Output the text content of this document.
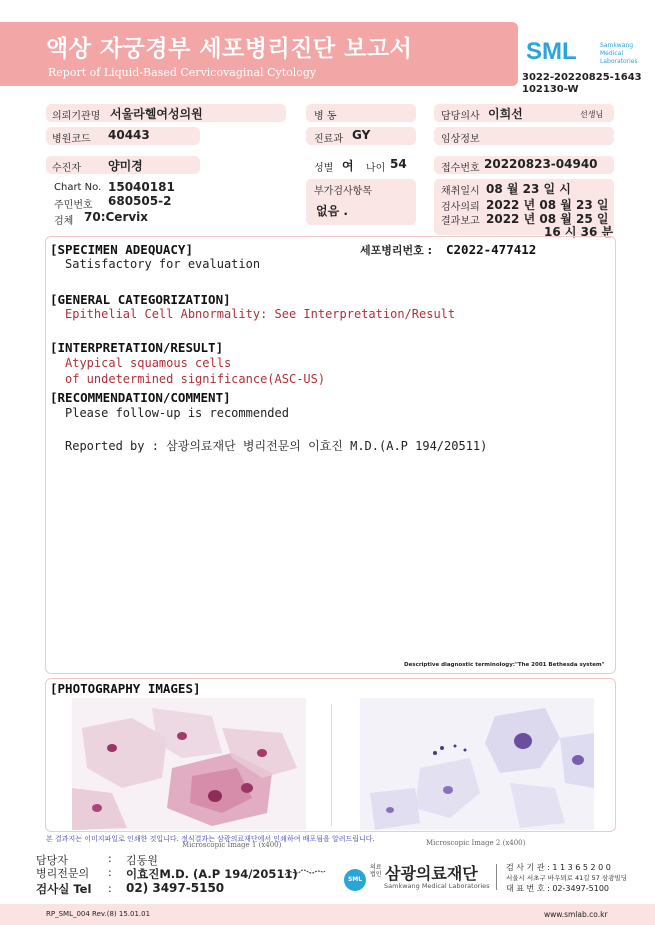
액상 자궁경부 세포병리진단 보고서
Report of Liquid-Based Cervicovaginal Cytology
SML	Samkwang
Medical
Laboratories
3022-20220825-1643
102130-W
의뢰기관명 서울라헬여성의원	병 동	담당의사 이희선	선생님
병원코드 40443	진료과 GY	임상정보
수진자 양미경	성별 여 나이 54	접수번호 20220823-04940
Chart No. 15040181
주민번호 680505-2
검체 70:Cervix
부가검사항목
없음 .
채취일시 08 월 23 일 시
검사의뢰 2022 년 08 월 23 일
결과보고 2022 년 08 월 25 일
16 시 36 분
[SPECIMEN ADEQUACY]	세포병리번호 : C2022-477412
Satisfactory for evaluation
[GENERAL CATEGORIZATION]
Epithelial Cell Abnormality: See Interpretation/Result
[INTERPRETATION/RESULT]
Atypical squamous cells
of undetermined significance(ASC-US)
[RECOMMENDATION/COMMENT]
Please follow-up is recommended
Reported by : 삼광의료재단 병리전문의 이효진 M.D.(A.P 194/20511)
Descriptive diagnostic terminology:"The 2001 Bethesda system"
[PHOTOGRAPHY IMAGES]
Microscopic Image 1 (x400)	Microscopic Image 2 (x400)
본 결과지는 이미지파일로 인쇄한 것입니다. 정식결과는 삼광의료재단에서 인쇄하여 배포됨을 알려드립니다.
담당자	: 김동원
병리전문의 : 이효진M.D. (A.P 194/20511)
검사실 Tel : 02) 3497-5150
SML
의료법인 삼광의료재단
Samkwang Medical Laboratories
검 사 기 관 : 1 1 3 6 5 2 0 0
서울시 서초구 바우뫼로 41길 57 삼광빌딩
대 표 번 호 : 02-3497-5100
RP_SML_004 Rev.(8) 15.01.01	www.smlab.co.kr
